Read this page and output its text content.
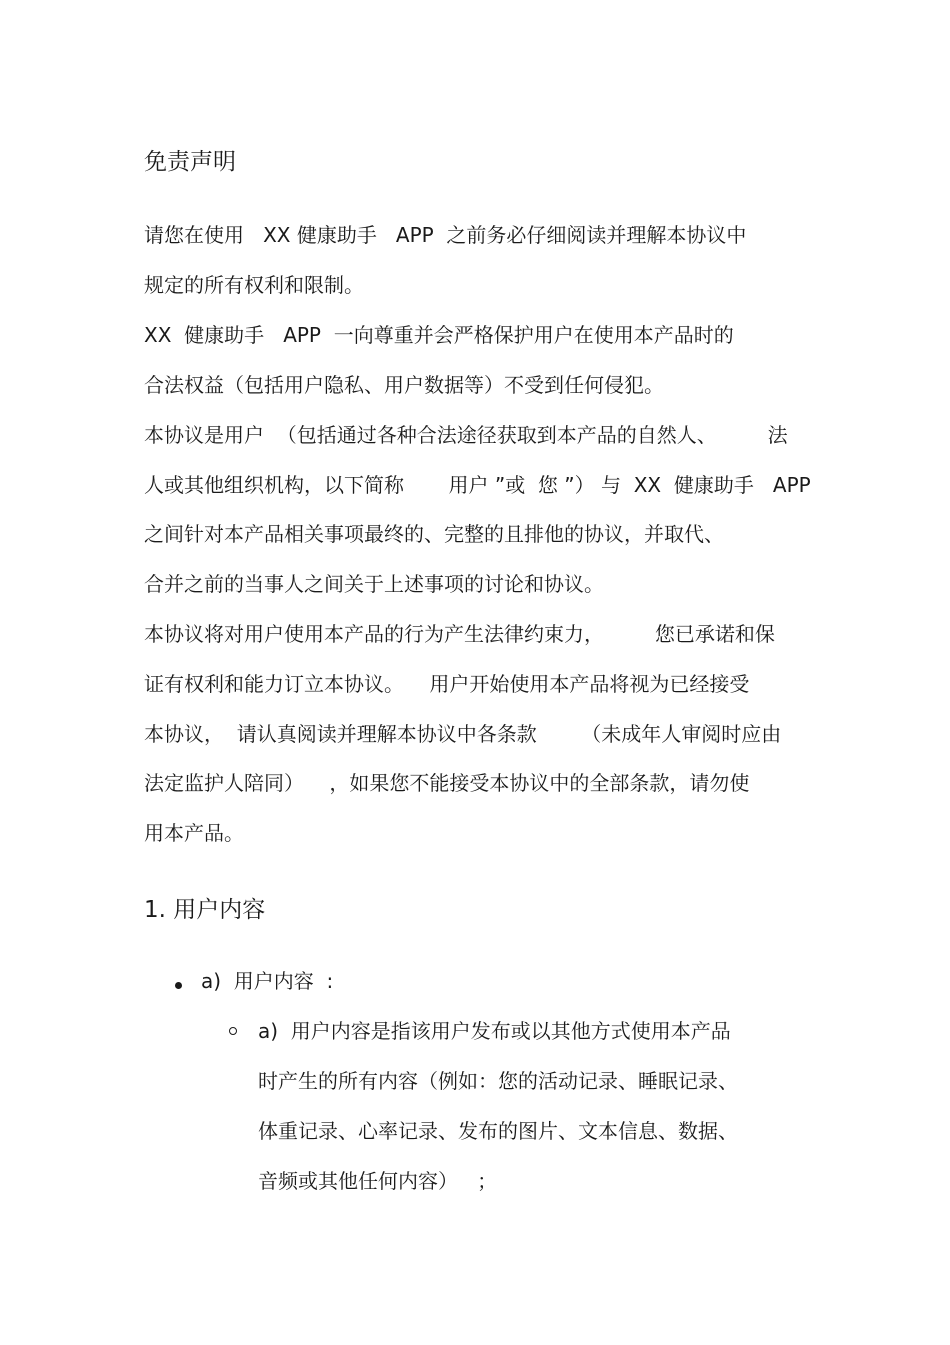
免责声明
请您在使用   XX 健康助手   APP  之前务必仔细阅读并理解本协议中
规定的所有权利和限制。
XX  健康助手   APP  一向尊重并会严格保护用户在使用本产品时的
合法权益（包括用户隐私、用户数据等）不受到任何侵犯。
本协议是用户  （包括通过各种合法途径获取到本产品的自然人、        法
人或其他组织机构，以下简称       用户 ”或  您 ”） 与  XX  健康助手   APP
之间针对本产品相关事项最终的、完整的且排他的协议，并取代、
合并之前的当事人之间关于上述事项的讨论和协议。
本协议将对用户使用本产品的行为产生法律约束力，        您已承诺和保
证有权利和能力订立本协议。    用户开始使用本产品将视为已经接受
本协议，  请认真阅读并理解本协议中各条款       （未成年人审阅时应由
法定监护人陪同）    ，如果您不能接受本协议中的全部条款，请勿使
用本产品。
1. 用户内容
a)  用户内容  :
a)  用户内容是指该用户发布或以其他方式使用本产品
时产生的所有内容（例如：您的活动记录、睡眠记录、
体重记录、心率记录、发布的图片、文本信息、数据、
音频或其他任何内容）   ；
